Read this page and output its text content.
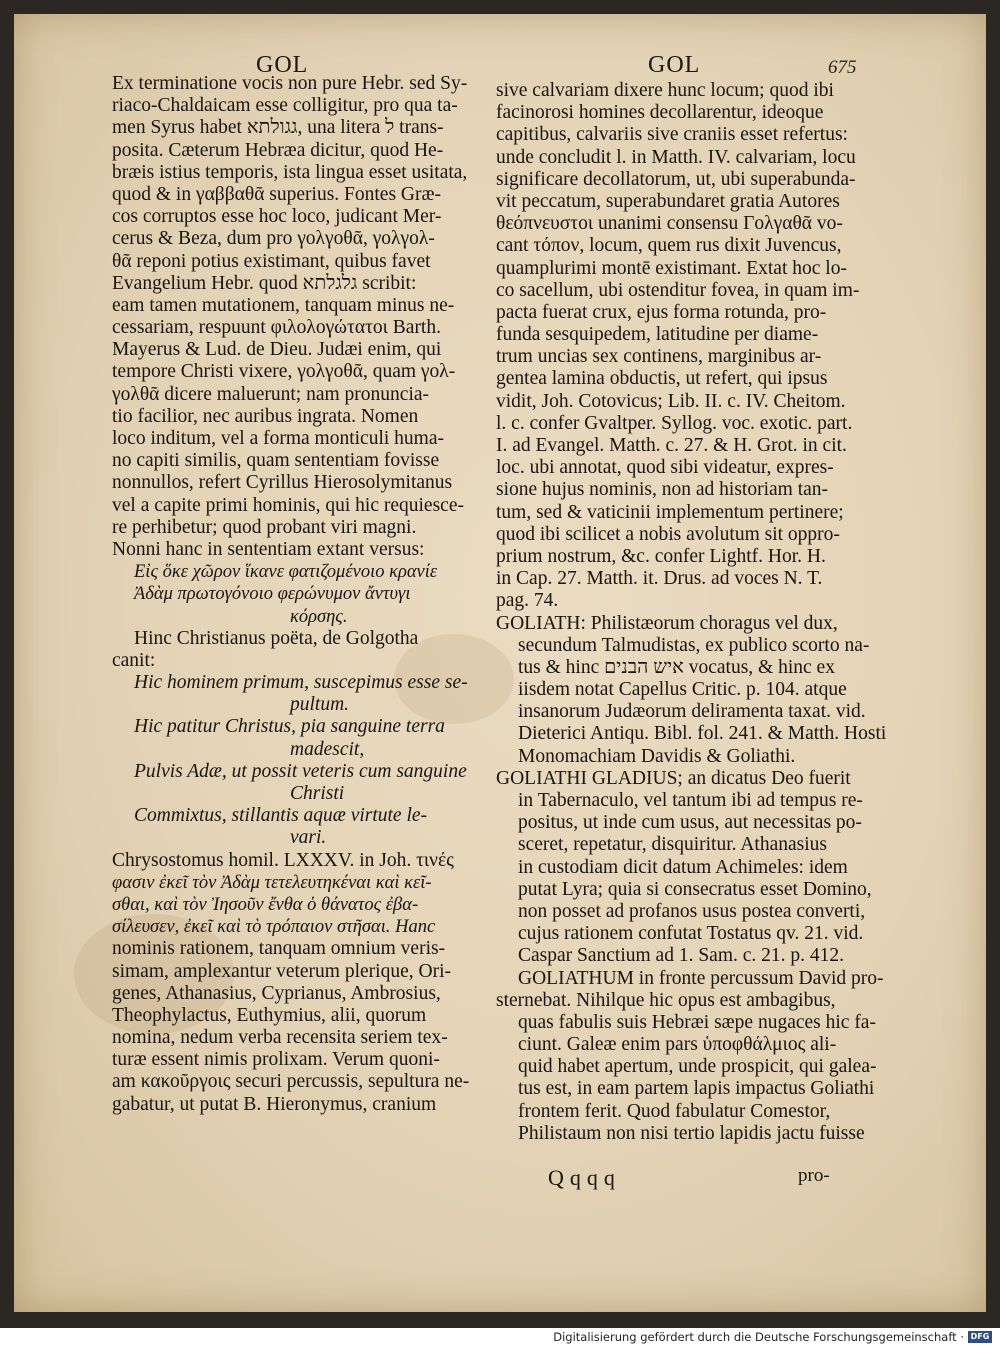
GOL	GOL	675
Ex terminatione vocis non pure Hebr. sed Sy-
riaco-Chaldaicam esse colligitur, pro qua ta-
men Syrus habet גגולתא, una litera ל trans-
posita. Cæterum Hebræa dicitur, quod He-
bræis istius temporis, ista lingua esset usitata,
quod & in γαββαθᾶ superius. Fontes Græ-
cos corruptos esse hoc loco, judicant Mer-
cerus & Beza, dum pro γολγοθᾶ, γολγολ-
θᾶ reponi potius existimant, quibus favet
Evangelium Hebr. quod גלגלתא scribit:
eam tamen mutationem, tanquam minus ne-
cessariam, respuunt φιλολογώτατοι Barth.
Mayerus & Lud. de Dieu. Judæi enim, qui
tempore Christi vixere, γολγοθᾶ, quam γολ-
γολθᾶ dicere maluerunt; nam pronuncia-
tio facilior, nec auribus ingrata. Nomen
loco inditum, vel a forma monticuli huma-
no capiti similis, quam sententiam fovisse
nonnullos, refert Cyrillus Hierosolymitanus
vel a capite primi hominis, qui hic requiesce-
re perhibetur; quod probant viri magni.
Nonni hanc in sententiam extant versus:
Εἰς ὅκε χῶρον ἵκανε φατιζομένοιο κρανίε
Ἀδὰμ πρωτογόνοιο φερώνυμον ἄντυγι
κόρσης.
Hinc Christianus poëta, de Golgotha
canit:
Hic hominem primum, suscepimus esse se-
pultum.
Hic patitur Christus, pia sanguine terra
madescit,
Pulvis Adæ, ut possit veteris cum sanguine
Christi
Commixtus, stillantis aquæ virtute le-
vari.
Chrysostomus homil. LXXXV. in Joh. τινές
φασιν ἐκεῖ τὸν Ἀδὰμ τετελευτηκέναι καὶ κεῖ-
σθαι, καὶ τὸν Ἰησοῦν ἔνθα ὁ θάνατος ἐβα-
σίλευσεν, ἐκεῖ καὶ τὸ τρόπαιον στῆσαι. Hanc
nominis rationem, tanquam omnium veris-
simam, amplexantur veterum plerique, Ori-
genes, Athanasius, Cyprianus, Ambrosius,
Theophylactus, Euthymius, alii, quorum
nomina, nedum verba recensita seriem tex-
turæ essent nimis prolixam. Verum quoni-
am κακοῦργοις securi percussis, sepultura ne-
gabatur, ut putat B. Hieronymus, cranium
sive calvariam dixere hunc locum; quod ibi
facinorosi homines decollarentur, ideoque
capitibus, calvariis sive craniis esset refertus:
unde concludit l. in Matth. IV. calvariam, locu
significare decollatorum, ut, ubi superabunda-
vit peccatum, superabundaret gratia Autores
θεόπνευστοι unanimi consensu Γολγαθᾶ vo-
cant τόπον, locum, quem rus dixit Juvencus,
quamplurimi montē existimant. Extat hoc lo-
co sacellum, ubi ostenditur fovea, in quam im-
pacta fuerat crux, ejus forma rotunda, pro-
funda sesquipedem, latitudine per diame-
trum uncias sex continens, marginibus ar-
gentea lamina obductis, ut refert, qui ipsus
vidit, Joh. Cotovicus; Lib. II. c. IV. Cheitom.
l. c. confer Gvaltper. Syllog. voc. exotic. part.
I. ad Evangel. Matth. c. 27. & H. Grot. in cit.
loc. ubi annotat, quod sibi videatur, expres-
sione hujus nominis, non ad historiam tan-
tum, sed & vaticinii implementum pertinere;
quod ibi scilicet a nobis avolutum sit oppro-
prium nostrum, &c. confer Lightf. Hor. H.
in Cap. 27. Matth. it. Drus. ad voces N. T.
pag. 74.
GOLIATH: Philistæorum choragus vel dux,
secundum Talmudistas, ex publico scorto na-
tus & hinc איש הבנים vocatus, & hinc ex
iisdem notat Capellus Critic. p. 104. atque
insanorum Judæorum deliramenta taxat. vid.
Dieterici Antiqu. Bibl. fol. 241. & Matth. Hosti
Monomachiam Davidis & Goliathi.
GOLIATHI GLADIUS; an dicatus Deo fuerit
in Tabernaculo, vel tantum ibi ad tempus re-
positus, ut inde cum usus, aut necessitas po-
sceret, repetatur, disquiritur. Athanasius
in custodiam dicit datum Achimeles: idem
putat Lyra; quia si consecratus esset Domino,
non posset ad profanos usus postea converti,
cujus rationem confutat Tostatus qv. 21. vid.
Caspar Sanctium ad 1. Sam. c. 21. p. 412.
GOLIATHUM in fronte percussum David pro-
sternebat. Nihilque hic opus est ambagibus,
quas fabulis suis Hebræi sæpe nugaces hic fa-
ciunt. Galeæ enim pars ὑποφθάλμιος ali-
quid habet apertum, unde prospicit, qui galea-
tus est, in eam partem lapis impactus Goliathi
frontem ferit. Quod fabulatur Comestor,
Philistaum non nisi tertio lapidis jactu fuisse
Qqqq	pro-
Digitalisierung gefördert durch die Deutsche Forschungsgemeinschaft · DFG
